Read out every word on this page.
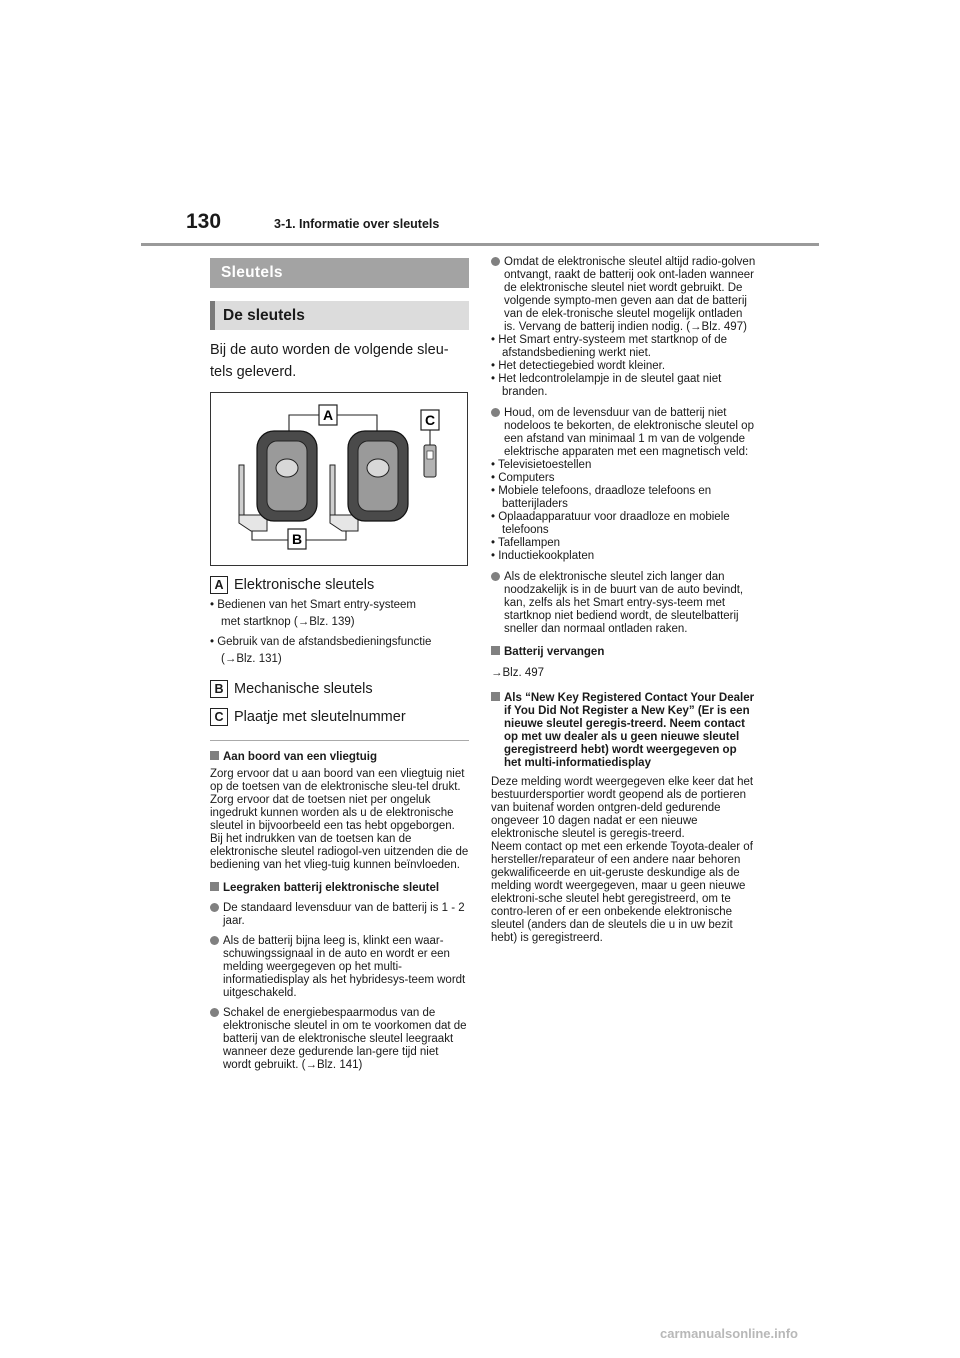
130	3-1. Informatie over sleutels
Sleutels
De sleutels

Bij de auto worden de volgende sleu-
tels geleverd.

A	C
B
A Elektronische sleutels

• Bedienen van het Smart entry-systeem
met startknop (→Blz. 139)

• Gebruik van de afstandsbedieningsfunctie
(→Blz. 131)

B Mechanische sleutels
C Plaatje met sleutelnummer
Aan boord van een vliegtuig
Zorg ervoor dat u aan boord van een vliegtuig niet op de toetsen van de elektronische sleu-tel drukt. Zorg ervoor dat de toetsen niet per ongeluk ingedrukt kunnen worden als u de elektronische sleutel in bijvoorbeeld een tas hebt opgeborgen. Bij het indrukken van de toetsen kan de elektronische sleutel radiogol-ven uitzenden die de bediening van het vlieg-tuig kunnen beïnvloeden.
Leegraken batterij elektronische sleutel
De standaard levensduur van de batterij is 1 - 2 jaar.
Als de batterij bijna leeg is, klinkt een waar-schuwingssignaal in de auto en wordt er een melding weergegeven op het multi-informatiedisplay als het hybridesys-teem wordt uitgeschakeld.
Schakel de energiebespaarmodus van de elektronische sleutel in om te voorkomen dat de batterij van de elektronische sleutel leegraakt wanneer deze gedurende lan-gere tijd niet wordt gebruikt. (→Blz. 141)
Omdat de elektronische sleutel altijd radio-golven ontvangt, raakt de batterij ook ont-laden wanneer de elektronische sleutel niet wordt gebruikt. De volgende sympto-men geven aan dat de batterij van de elek-tronische sleutel mogelijk ontladen is. Vervang de batterij indien nodig. (→Blz. 497)
• Het Smart entry-systeem met startknop of de afstandsbediening werkt niet.
• Het detectiegebied wordt kleiner.
• Het ledcontrolelampje in de sleutel gaat niet branden.
Houd, om de levensduur van de batterij niet nodeloos te bekorten, de elektronische sleutel op een afstand van minimaal 1 m van de volgende elektrische apparaten met een magnetisch veld:
• Televisietoestellen
• Computers
• Mobiele telefoons, draadloze telefoons en batterijladers
• Oplaadapparatuur voor draadloze en mobiele telefoons
• Tafellampen
• Inductiekookplaten
Als de elektronische sleutel zich langer dan noodzakelijk is in de buurt van de auto bevindt, kan, zelfs als het Smart entry-sys-teem met startknop niet bediend wordt, de sleutelbatterij sneller dan normaal ontladen raken.
Batterij vervangen
→Blz. 497
Als “New Key Registered Contact Your Dealer if You Did Not Register a New Key” (Er is een nieuwe sleutel geregis-treerd. Neem contact op met uw dealer als u geen nieuwe sleutel geregistreerd hebt) wordt weergegeven op het multi-informatiedisplay
Deze melding wordt weergegeven elke keer dat het bestuurdersportier wordt geopend als de portieren van buitenaf worden ontgren-deld gedurende ongeveer 10 dagen nadat er een nieuwe elektronische sleutel is geregis-treerd.
Neem contact op met een erkende Toyota-dealer of hersteller/reparateur of een andere naar behoren gekwalificeerde en uit-geruste deskundige als de melding wordt weergegeven, maar u geen nieuwe elektroni-sche sleutel hebt geregistreerd, om te contro-leren of er een onbekende elektronische sleutel (anders dan de sleutels die u in uw bezit hebt) is geregistreerd.
carmanualsonline.info
